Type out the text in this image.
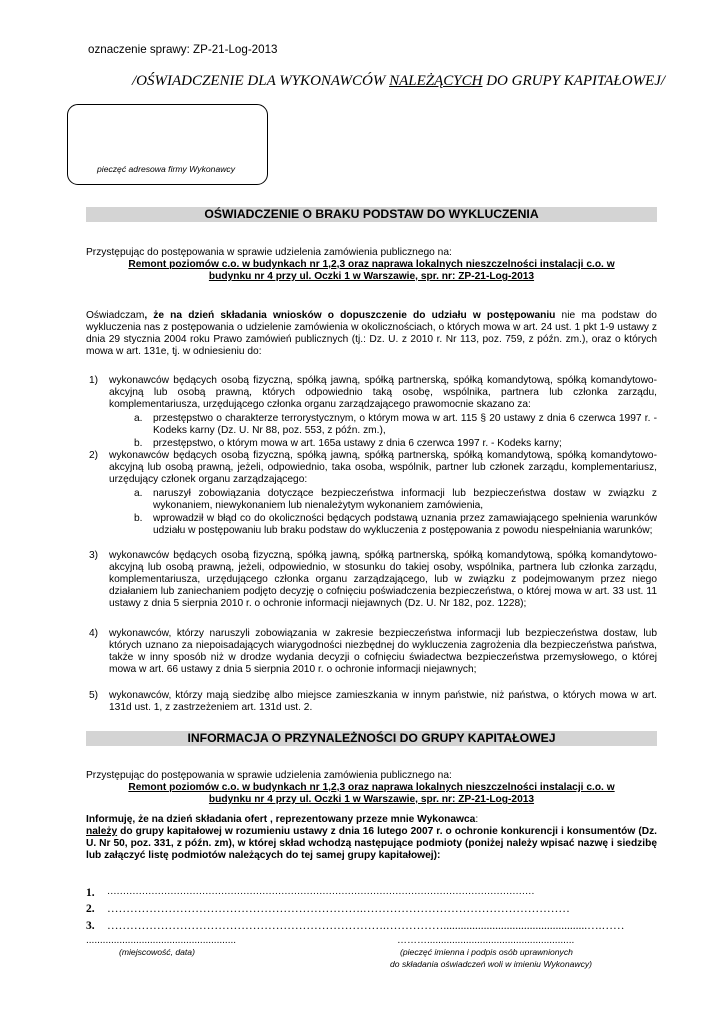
oznaczenie sprawy: ZP-21-Log-2013
/OŚWIADCZENIE DLA WYKONAWCÓW NALEŻĄCYCH DO GRUPY KAPITAŁOWEJ/
pieczęć adresowa firmy Wykonawcy
OŚWIADCZENIE O BRAKU PODSTAW DO WYKLUCZENIA
Przystępując do postępowania w sprawie udzielenia zamówienia publicznego na:
Remont poziomów c.o. w budynkach nr 1,2,3 oraz naprawa lokalnych nieszczelności instalacji c.o. w
budynku nr 4 przy ul. Oczki 1 w Warszawie, spr. nr: ZP-21-Log-2013
Oświadczam, że na dzień składania wniosków o dopuszczenie do udziału w postępowaniu nie ma podstaw do wykluczenia nas z postępowania o udzielenie zamówienia w okolicznościach, o których mowa w art. 24 ust. 1 pkt 1-9 ustawy z dnia 29 stycznia 2004 roku Prawo zamówień publicznych (tj.: Dz. U. z 2010 r. Nr 113, poz. 759, z późn. zm.), oraz o których mowa w art. 131e, tj. w odniesieniu do:
1) wykonawców będących osobą fizyczną, spółką jawną, spółką partnerską, spółką komandytową, spółką komandytowo-akcyjną lub osobą prawną, których odpowiednio taką osobę, wspólnika, partnera lub członka zarządu, komplementariusza, urzędującego członka organu zarządzającego prawomocnie skazano za:
a. przestępstwo o charakterze terrorystycznym, o którym mowa w art. 115 § 20 ustawy z dnia 6 czerwca 1997 r. - Kodeks karny (Dz. U. Nr 88, poz. 553, z późn. zm.),
b. przestępstwo, o którym mowa w art. 165a ustawy z dnia 6 czerwca 1997 r. - Kodeks karny;
2) wykonawców będących osobą fizyczną, spółką jawną, spółką partnerską, spółką komandytową, spółką komandytowo-akcyjną lub osobą prawną, jeżeli, odpowiednio, taka osoba, wspólnik, partner lub członek zarządu, komplementariusz, urzędujący członek organu zarządzającego:
a. naruszył zobowiązania dotyczące bezpieczeństwa informacji lub bezpieczeństwa dostaw w związku z wykonaniem, niewykonaniem lub nienależytym wykonaniem zamówienia,
b. wprowadził w błąd co do okoliczności będących podstawą uznania przez zamawiającego spełnienia warunków udziału w postępowaniu lub braku podstaw do wykluczenia z postępowania z powodu niespełniania warunków;
3) wykonawców będących osobą fizyczną, spółką jawną, spółką partnerską, spółką komandytową, spółką komandytowo-akcyjną lub osobą prawną, jeżeli, odpowiednio, w stosunku do takiej osoby, wspólnika, partnera lub członka zarządu, komplementariusza, urzędującego członka organu zarządzającego, lub w związku z podejmowanym przez niego działaniem lub zaniechaniem podjęto decyzję o cofnięciu poświadczenia bezpieczeństwa, o której mowa w art. 33 ust. 11 ustawy z dnia 5 sierpnia 2010 r. o ochronie informacji niejawnych (Dz. U. Nr 182, poz. 1228);
4) wykonawców, którzy naruszyli zobowiązania w zakresie bezpieczeństwa informacji lub bezpieczeństwa dostaw, lub których uznano za niepoisadających wiarygodności niezbędnej do wykluczenia zagrożenia dla bezpieczeństwa państwa, także w inny sposób niż w drodze wydania decyzji o cofnięciu świadectwa bezpieczeństwa przemysłowego, o której mowa w art. 66 ustawy z dnia 5 sierpnia 2010 r. o ochronie informacji niejawnych;
5) wykonawców, którzy mają siedzibę albo miejsce zamieszkania w innym państwie, niż państwa, o których mowa w art. 131d ust. 1, z zastrzeżeniem art. 131d ust. 2.
INFORMACJA O PRZYNALEŻNOŚCI DO GRUPY KAPITAŁOWEJ
Przystępując do postępowania w sprawie udzielenia zamówienia publicznego na:
Remont poziomów c.o. w budynkach nr 1,2,3 oraz naprawa lokalnych nieszczelności instalacji c.o. w
budynku nr 4 przy ul. Oczki 1 w Warszawie, spr. nr: ZP-21-Log-2013
Informuję, że na dzień składania ofert , reprezentowany przeze mnie Wykonawca:
należy do grupy kapitałowej w rozumieniu ustawy z dnia 16 lutego 2007 r. o ochronie konkurencji i konsumentów (Dz. U. Nr 50, poz. 331, z późn. zm), w której skład wchodzą następujące podmioty (poniżej należy wpisać nazwę i siedzibę lub załączyć listę podmiotów należących do tej samej grupy kapitałowej):
1. ………………………………………………………………………………………………………………………
2. ………………………………………………………….………………………………………………
3. ……………………………………………………………….……………..................................................….……
......................................................
(miejscowość, data)
……….....................................................
(pieczęć imienna i podpis osób uprawnionych
do składania oświadczeń woli w imieniu Wykonawcy)
